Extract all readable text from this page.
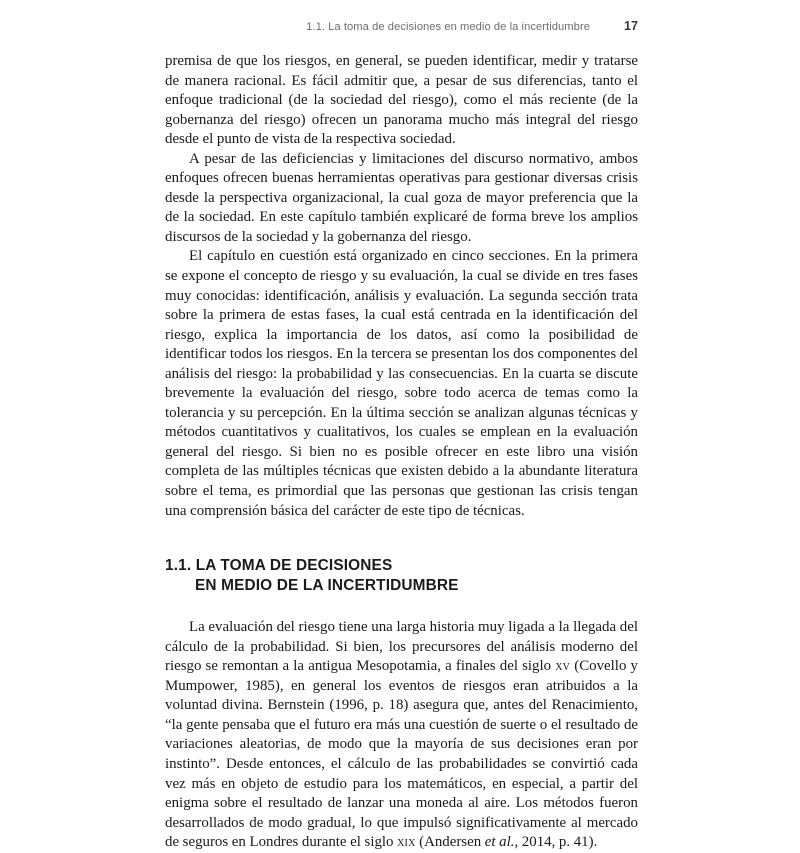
1.1. La toma de decisiones en medio de la incertidumbre	17

premisa de que los riesgos, en general, se pueden identificar, medir y tratarse de manera racional. Es fácil admitir que, a pesar de sus diferencias, tanto el enfoque tradicional (de la sociedad del riesgo), como el más reciente (de la gobernanza del riesgo) ofrecen un panorama mucho más integral del riesgo desde el punto de vista de la respectiva sociedad.

A pesar de las deficiencias y limitaciones del discurso normativo, ambos enfoques ofrecen buenas herramientas operativas para gestionar diversas crisis desde la perspectiva organizacional, la cual goza de mayor preferencia que la de la sociedad. En este capítulo también explicaré de forma breve los amplios discursos de la sociedad y la gobernanza del riesgo.

El capítulo en cuestión está organizado en cinco secciones. En la primera se expone el concepto de riesgo y su evaluación, la cual se divide en tres fases muy conocidas: identificación, análisis y evaluación. La segunda sección trata sobre la primera de estas fases, la cual está centrada en la identificación del riesgo, explica la importancia de los datos, así como la posibilidad de identificar todos los riesgos. En la tercera se presentan los dos componentes del análisis del riesgo: la probabilidad y las consecuencias. En la cuarta se discute brevemente la evaluación del riesgo, sobre todo acerca de temas como la tolerancia y su percepción. En la última sección se analizan algunas técnicas y métodos cuantitativos y cualitativos, los cuales se emplean en la evaluación general del riesgo. Si bien no es posible ofrecer en este libro una visión completa de las múltiples técnicas que existen debido a la abundante literatura sobre el tema, es primordial que las personas que gestionan las crisis tengan una comprensión básica del carácter de este tipo de técnicas.

1.1. LA TOMA DE DECISIONES
EN MEDIO DE LA INCERTIDUMBRE

La evaluación del riesgo tiene una larga historia muy ligada a la llegada del cálculo de la probabilidad. Si bien, los precursores del análisis moderno del riesgo se remontan a la antigua Mesopotamia, a finales del siglo xv (Covello y Mumpower, 1985), en general los eventos de riesgos eran atribuidos a la voluntad divina. Bernstein (1996, p. 18) asegura que, antes del Renacimiento, “la gente pensaba que el futuro era más una cuestión de suerte o el resultado de variaciones aleatorias, de modo que la mayoría de sus decisiones eran por instinto”. Desde entonces, el cálculo de las probabilidades se convirtió cada vez más en objeto de estudio para los matemáticos, en especial, a partir del enigma sobre el resultado de lanzar una moneda al aire. Los métodos fueron desarrollados de modo gradual, lo que impulsó significativamente al mercado de seguros en Londres durante el siglo xix (Andersen et al., 2014, p. 41).
